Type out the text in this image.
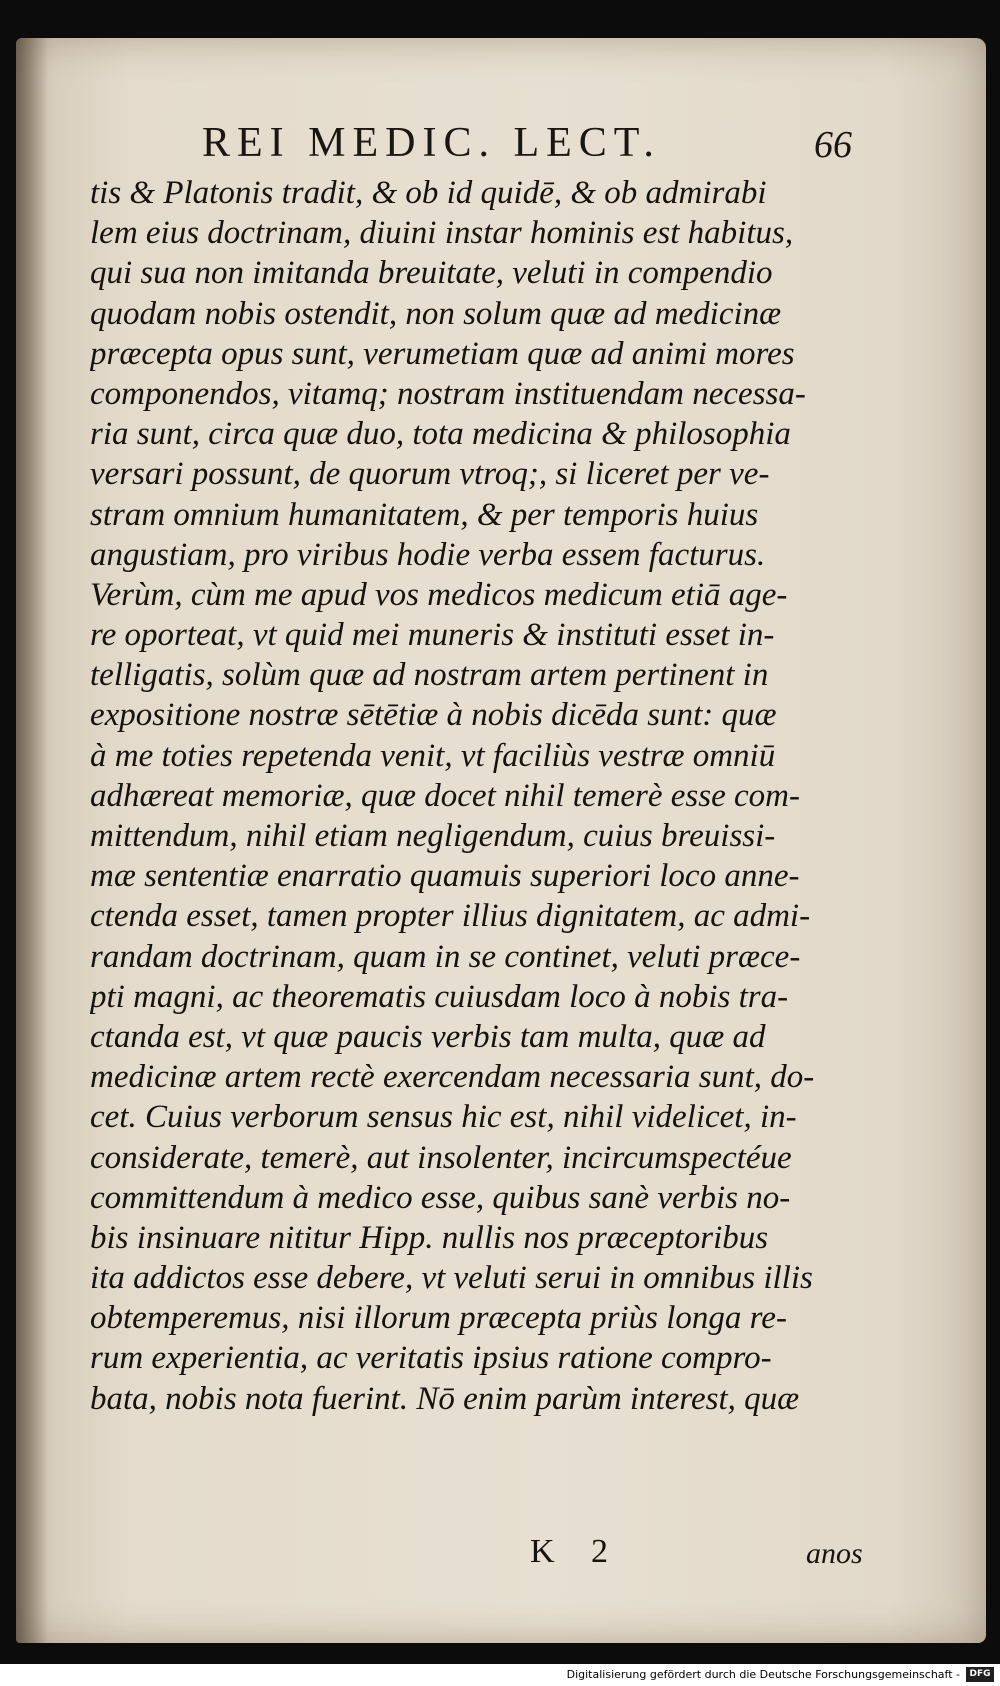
REI MEDIC. LECT.	66
tis & Platonis tradit, & ob id quidē, & ob admirabi
lem eius doctrinam, diuini instar hominis est habitus,
qui sua non imitanda breuitate, veluti in compendio
quodam nobis ostendit, non solum quæ ad medicinæ
præcepta opus sunt, verumetiam quæ ad animi mores
componendos, vitamq; nostram instituendam necessa-
ria sunt, circa quæ duo, tota medicina & philosophia
versari possunt, de quorum vtroq;, si liceret per ve-
stram omnium humanitatem, & per temporis huius
angustiam, pro viribus hodie verba essem facturus.
Verùm, cùm me apud vos medicos medicum etiā age-
re oporteat, vt quid mei muneris & instituti esset in-
telligatis, solùm quæ ad nostram artem pertinent in
expositione nostræ sētētiæ à nobis dicēda sunt: quæ
à me toties repetenda venit, vt faciliùs vestræ omniū
adhæreat memoriæ, quæ docet nihil temerè esse com-
mittendum, nihil etiam negligendum, cuius breuissi-
mæ sententiæ enarratio quamuis superiori loco anne-
ctenda esset, tamen propter illius dignitatem, ac admi-
randam doctrinam, quam in se continet, veluti præce-
pti magni, ac theorematis cuiusdam loco à nobis tra-
ctanda est, vt quæ paucis verbis tam multa, quæ ad
medicinæ artem rectè exercendam necessaria sunt, do-
cet. Cuius verborum sensus hic est, nihil videlicet, in-
considerate, temerè, aut insolenter, incircumspectéue
committendum à medico esse, quibus sanè verbis no-
bis insinuare nititur Hipp. nullis nos præceptoribus
ita addictos esse debere, vt veluti serui in omnibus illis
obtemperemus, nisi illorum præcepta priùs longa re-
rum experientia, ac veritatis ipsius ratione compro-
bata, nobis nota fuerint. Nō enim parùm interest, quæ
K 2	anos
Digitalisierung gefördert durch die Deutsche Forschungsgemeinschaft -	DFG
